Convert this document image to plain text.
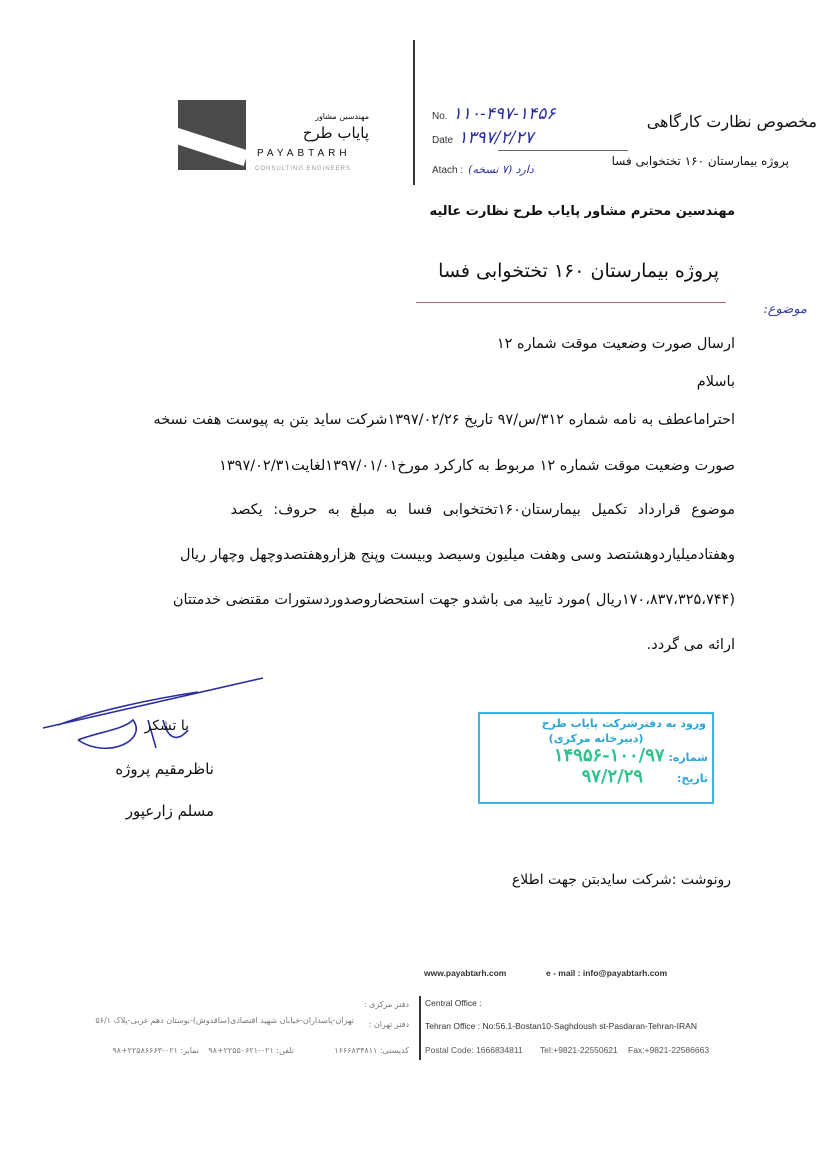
مهندسین مشاور
پایاب طرح
PAYABTARH
CONSULTING ENGINEERS
No. ۱۱۰-۴۹۷-۱۴۵۶
Date ۱۳۹۷/۲/۲۷
Atach : دارد (۷ نسخه)
مخصوص نظارت کارگاهی
پروژه بیمارستان ۱۶۰ تختخوابی فسا
مهندسین محترم مشاور پایاب طرح نظارت عالیه
پروژه بیمارستان ۱۶۰ تختخوابی فسا
موضوع:
ارسال صورت وضعیت موقت شماره ۱۲
باسلام
احتراماعطف به نامه شماره ۳۱۲/س/۹۷ تاریخ ۱۳۹۷/۰۲/۲۶شرکت ساید بتن به پیوست هفت نسخه
صورت وضعیت موقت شماره ۱۲ مربوط به کارکرد مورخ۱۳۹۷/۰۱/۰۱لغایت۱۳۹۷/۰۲/۳۱
موضوع قرارداد تکمیل بیمارستان۱۶۰تختخوابی فسا به مبلغ به حروف: یکصد
وهفتادمیلیاردوهشتصد وسی وهفت میلیون وسیصد وبیست وپنج هزاروهفتصدوچهل وچهار ریال
(۱۷۰،۸۳۷،۳۲۵،۷۴۴ریال )مورد تایید می باشدو جهت استحضاروصدوردستورات مقتضی خدمتتان
ارائه می گردد.
با تشکر
ناظرمقیم پروژه
مسلم زارعپور
ورود به دفترشرکت پایاب طرح
(دبیرخانه مرکزی)
شماره: ۱۰۰/۹۷-۱۴۹۵۶
تاریخ: ۹۷/۲/۲۹
رونوشت :شرکت سایدبتن جهت اطلاع
www.payabtarh.com	e - mail : info@payabtarh.com
Central Office :
Tehran Office : No:56.1-Bostan10-Saghdoush st-Pasdaran-Tehran-IRAN
Postal Code: 1666834811 Tel:+9821-22550621 Fax:+9821-22586663
دفتر مرکزی :
دفتر تهران :
تهران-پاسداران-خیابان شهید اقتصادی(ساقدوش)-بوستان دهم غربی-پلاک ۵۶/۱
کدپستی: ۱۶۶۶۸۳۴۸۱۱
تلفن: ۰۲۱-۲۲۵۵۰۶۲۱+۹۸
نمابر: ۰۲۱-۲۲۵۸۶۶۶۳+۹۸
